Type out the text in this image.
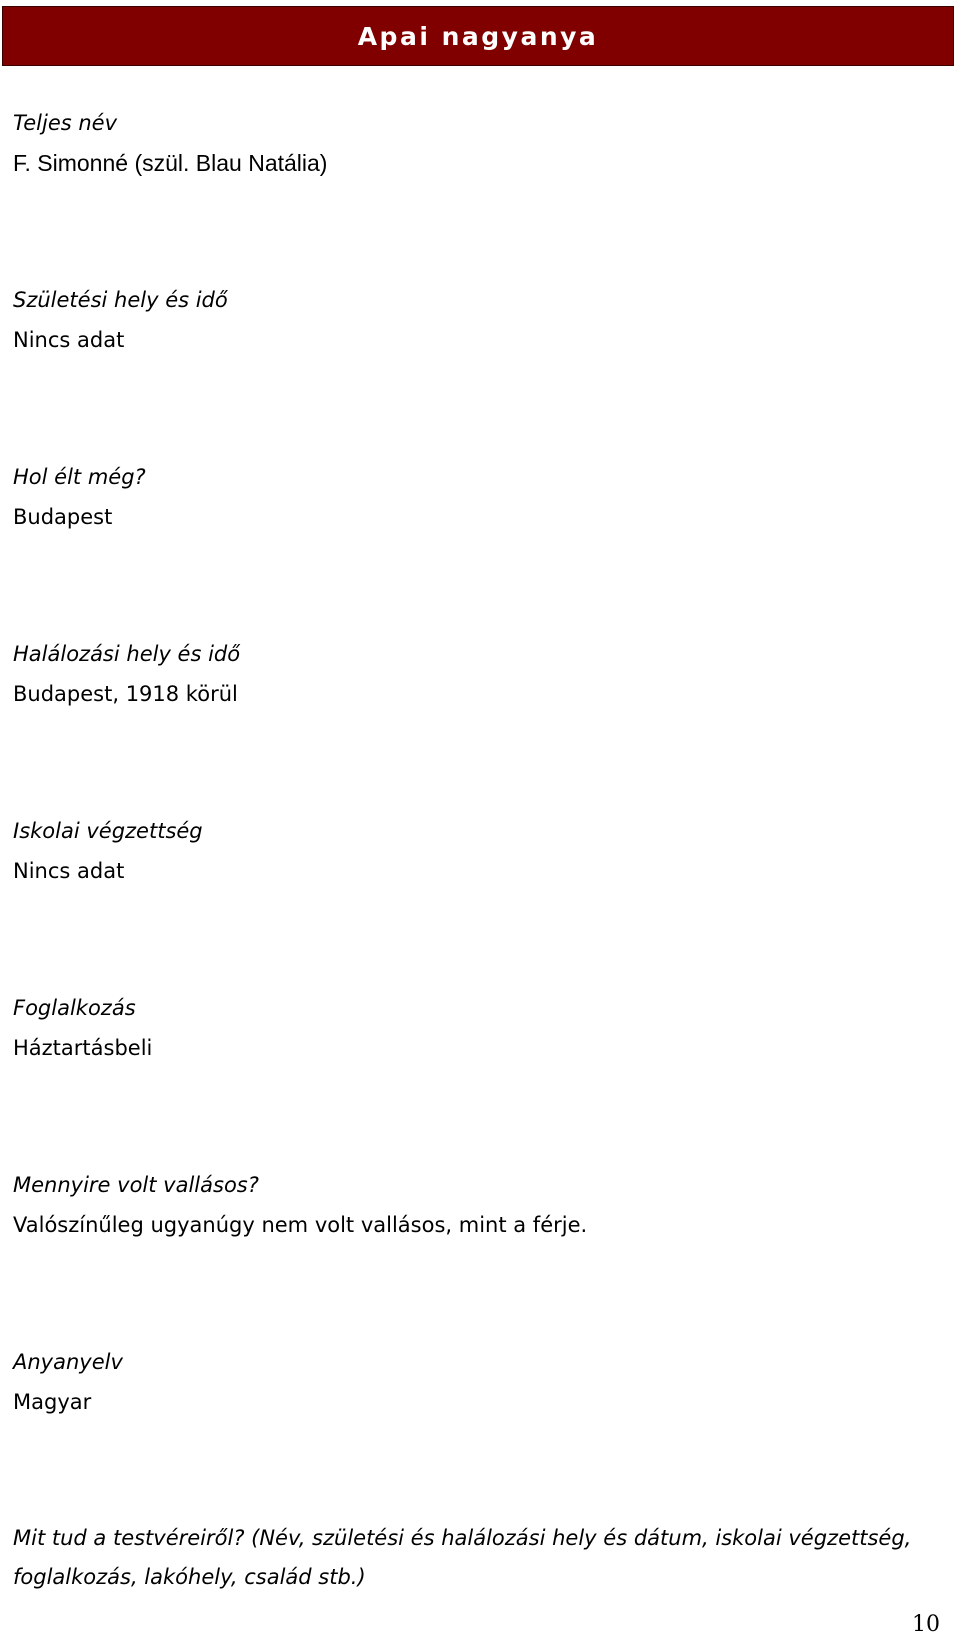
Apai nagyanya
Teljes név
F. Simonné (szül. Blau Natália)
Születési hely és idő
Nincs adat
Hol élt még?
Budapest
Halálozási hely és idő
Budapest, 1918 körül
Iskolai végzettség
Nincs adat
Foglalkozás
Háztartásbeli
Mennyire volt vallásos?
Valószínűleg ugyanúgy nem volt vallásos, mint a férje.
Anyanyelv
Magyar
Mit tud a testvéreiről? (Név, születési és halálozási hely és dátum, iskolai végzettség, foglalkozás, lakóhely, család stb.)
10
